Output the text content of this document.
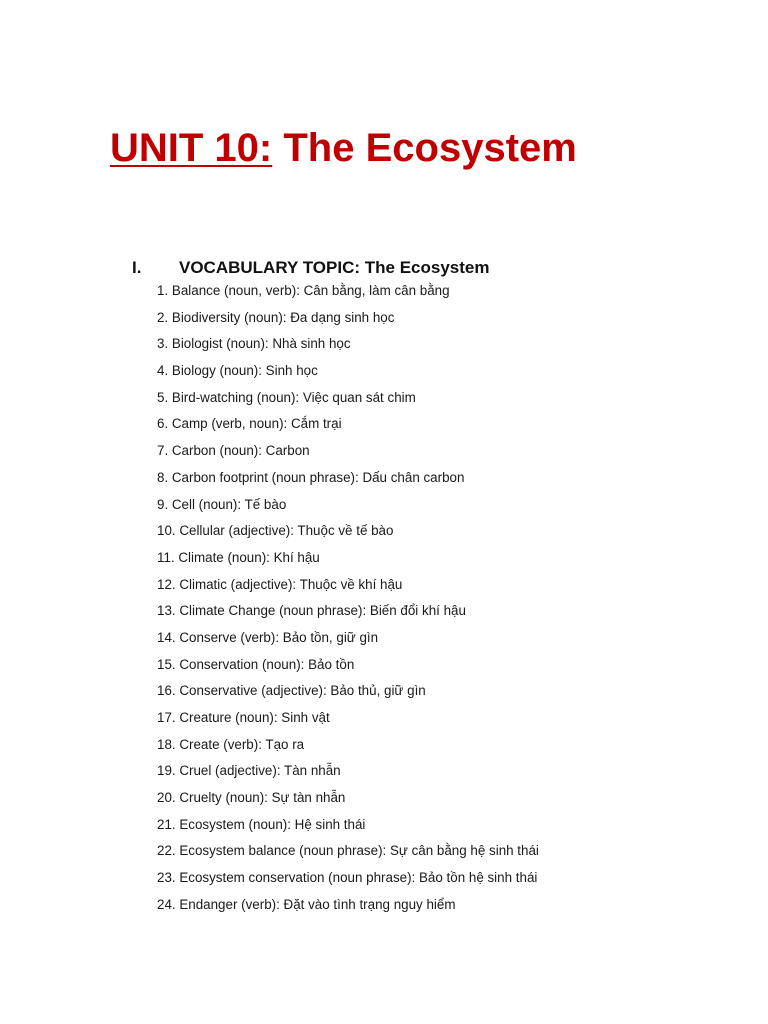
UNIT 10: The Ecosystem
I. VOCABULARY TOPIC: The Ecosystem
1. Balance (noun, verb): Cân bằng, làm cân bằng
2. Biodiversity (noun): Đa dạng sinh học
3. Biologist (noun): Nhà sinh học
4. Biology (noun): Sinh học
5. Bird-watching (noun): Việc quan sát chim
6. Camp (verb, noun): Cắm trại
7. Carbon (noun): Carbon
8. Carbon footprint (noun phrase): Dấu chân carbon
9. Cell (noun): Tế bào
10. Cellular (adjective): Thuộc về tế bào
11. Climate (noun): Khí hậu
12. Climatic (adjective): Thuộc về khí hậu
13. Climate Change (noun phrase): Biến đổi khí hậu
14. Conserve (verb): Bảo tồn, giữ gìn
15. Conservation (noun): Bảo tồn
16. Conservative (adjective): Bảo thủ, giữ gìn
17. Creature (noun): Sinh vật
18. Create (verb): Tạo ra
19. Cruel (adjective): Tàn nhẫn
20. Cruelty (noun): Sự tàn nhẫn
21. Ecosystem (noun): Hệ sinh thái
22. Ecosystem balance (noun phrase): Sự cân bằng hệ sinh thái
23. Ecosystem conservation (noun phrase): Bảo tồn hệ sinh thái
24. Endanger (verb): Đặt vào tình trạng nguy hiểm
